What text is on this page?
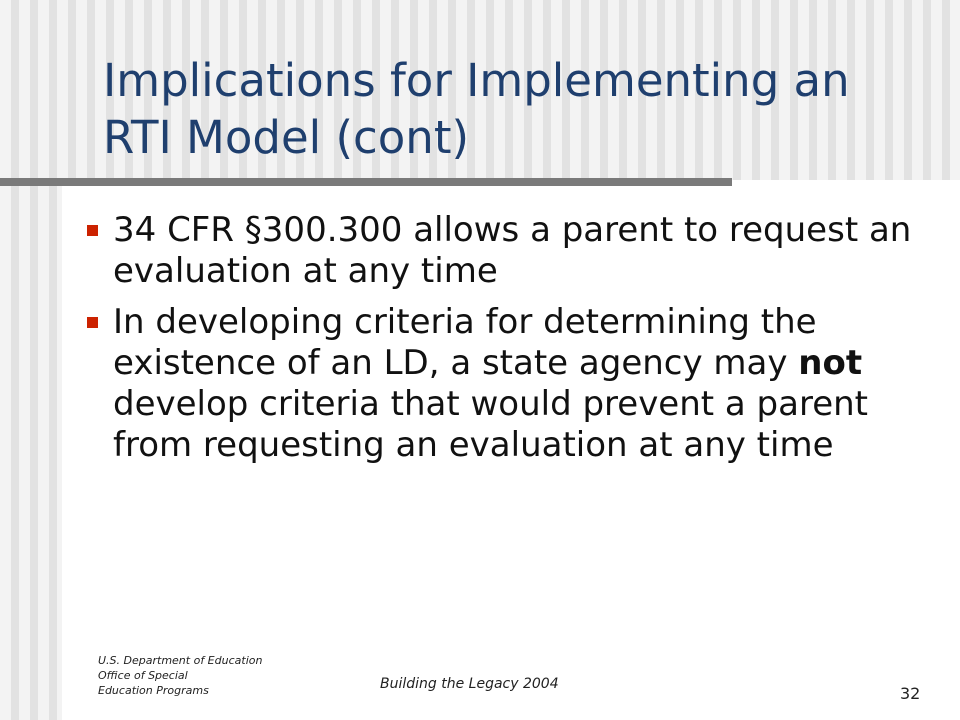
Implications for Implementing an
RTI Model (cont)
34 CFR §300.300 allows a parent to request an evaluation at any time
In developing criteria for determining the existence of an LD, a state agency may not develop criteria that would prevent a parent from requesting an evaluation at any time
U.S. Department of Education
Office of Special
Education Programs	Building the Legacy 2004	32
